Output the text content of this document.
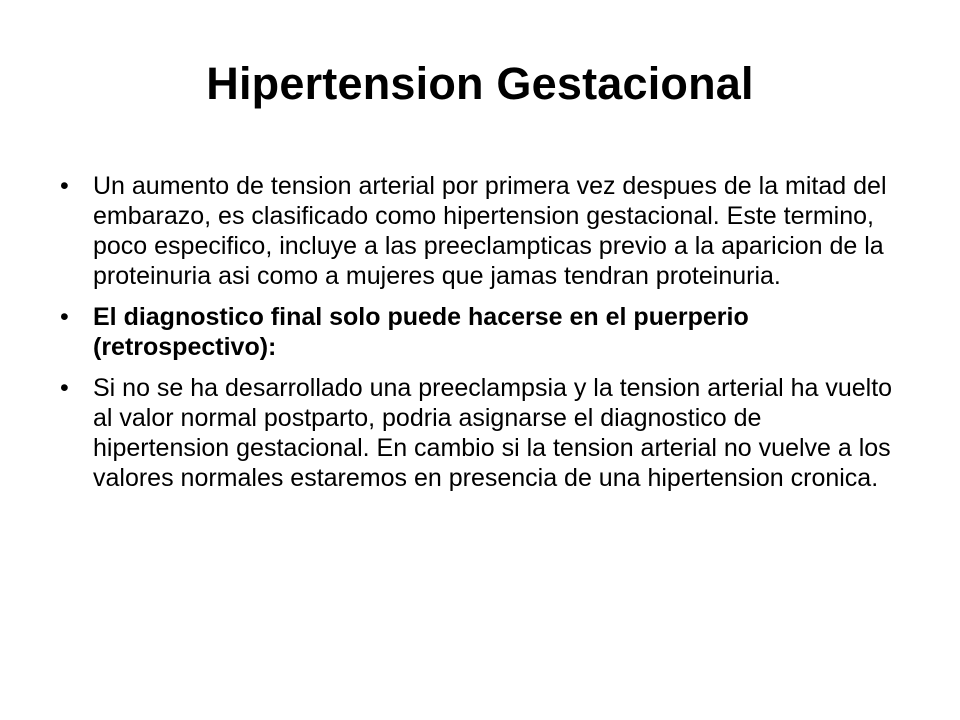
Hipertension Gestacional
• Un aumento de tension arterial por primera vez despues de la mitad del embarazo, es clasificado como hipertension gestacional. Este termino, poco especifico, incluye a las preeclampticas previo a la aparicion de la proteinuria asi como a mujeres que jamas tendran proteinuria.
• El diagnostico final solo puede hacerse en el puerperio (retrospectivo):
• Si no se ha desarrollado una preeclampsia y la tension arterial ha vuelto al valor normal postparto, podria asignarse el diagnostico de hipertension gestacional. En cambio si la tension arterial no vuelve a los valores normales estaremos en presencia de una hipertension cronica.
